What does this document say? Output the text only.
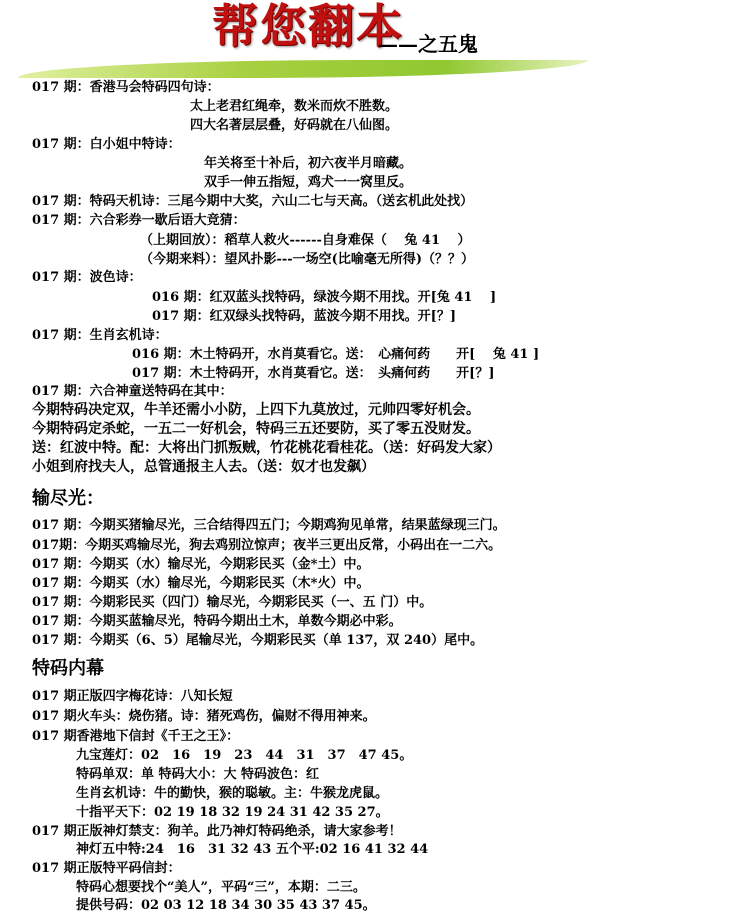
帮您翻本
——之五鬼
017 期：香港马会特码四句诗：
太上老君红绳牵，数米而炊不胜数。
四大名著层层叠，好码就在八仙图。
017 期：白小姐中特诗：
年关将至十补后，初六夜半月暗藏。
双手一伸五指短，鸡犬一一窝里反。
017 期：特码天机诗：三尾今期中大奖，六山二七与天高。（送玄机此处找）
017 期：六合彩券一歇后语大竞猜：
（上期回放）：稻草人救火------自身难保（　 兔 41　 ）
（今期来料）：望风扑影---一场空(比喻毫无所得)（？？）
017 期：波色诗：
016 期：红双蓝头找特码，绿波今期不用找。开[兔 41　 ]
017 期：红双绿头找特码，蓝波今期不用找。开[？]
017 期：生肖玄机诗：
016 期：木土特码开，水肖莫看它。送：　心痛何药　　开[　 兔 41 ]
017 期：木土特码开，水肖莫看它。送：　头痛何药　　开[？]
017 期：六合神童送特码在其中：
今期特码决定双，牛羊还需小小防，上四下九莫放过，元帅四零好机会。
今期特码定杀蛇，一五二一好机会，特码三五还要防，买了零五没财发。
送：红波中特。配：大将出门抓叛贼，竹花桃花看桂花。（送：好码发大家）
小姐到府找夫人，总管通报主人去。（送：奴才也发飙）
输尽光：
017 期：今期买猪输尽光，三合结得四五门；今期鸡狗见单常，结果蓝绿现三门。
017期：今期买鸡输尽光，狗去鸡别泣惊声；夜半三更出反常，小码出在一二六。
017 期：今期买（水）输尽光，今期彩民买（金*土）中。
017 期：今期买（水）输尽光，今期彩民买（木*火）中。
017 期：今期彩民买（四门）输尽光，今期彩民买（一、五 门）中。
017 期：今期买蓝输尽光，特码今期出土木，单数今期必中彩。
017 期：今期买（6、5）尾输尽光，今期彩民买（单 137，双 240）尾中。
特码内幕
017 期正版四字梅花诗：八知长短
017 期火车头：烧伤猪。诗：猪死鸡伤，偏财不得用神来。
017 期香港地下信封《千王之王》：
九宝莲灯：02　16　19　23　44　31　37　47 45。
特码单双：单 特码大小：大 特码波色：红
生肖玄机诗：牛的勤快，猴的聪敏。主：牛猴龙虎鼠。
十指平天下：02 19 18 32 19 24 31 42 35 27。
017 期正版神灯禁支：狗羊。此乃神灯特码绝杀，请大家参考！
神灯五中特:24　16　31 32 43 五个平:02 16 41 32 44
017 期正版特平码信封：
特码心想要找个“美人”，平码“三”，本期：二三。
提供号码：02 03 12 18 34 30 35 43 37 45。
